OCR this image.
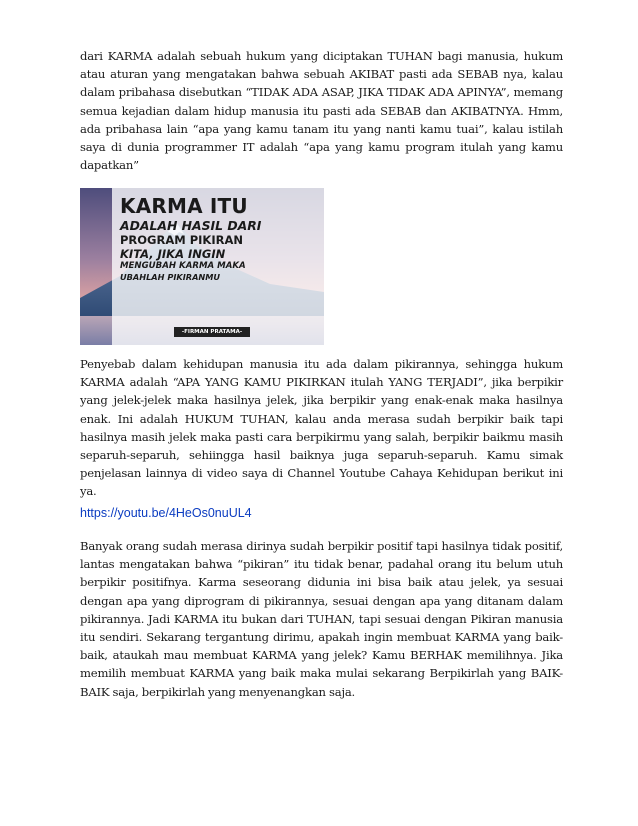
dari KARMA adalah sebuah hukum yang diciptakan TUHAN bagi manusia, hukum atau aturan yang mengatakan bahwa sebuah AKIBAT pasti ada SEBAB nya, kalau dalam pribahasa disebutkan “TIDAK ADA ASAP, JIKA TIDAK ADA APINYA”, memang semua kejadian dalam hidup manusia itu pasti ada SEBAB dan AKIBATNYA. Hmm, ada pribahasa lain “apa yang kamu tanam itu yang nanti kamu tuai”, kalau istilah saya di dunia programmer IT adalah “apa yang kamu program itulah yang kamu dapatkan”

KARMA ITU
ADALAH HASIL DARI
PROGRAM PIKIRAN
KITA, JIKA INGIN
MENGUBAH KARMA MAKA
UBAHLAH PIKIRANMU
-FIRMAN PRATAMA-

Penyebab dalam kehidupan manusia itu ada dalam pikirannya, sehingga hukum KARMA adalah “APA YANG KAMU PIKIRKAN itulah YANG TERJADI”, jika berpikir yang jelek-jelek maka hasilnya jelek, jika berpikir yang enak-enak maka hasilnya enak. Ini adalah HUKUM TUHAN, kalau anda merasa sudah berpikir baik tapi hasilnya masih jelek maka pasti cara berpikirmu yang salah, berpikir baikmu masih separuh-separuh, sehiingga hasil baiknya juga separuh-separuh. Kamu simak penjelasan lainnya di video saya di Channel Youtube Cahaya Kehidupan berikut ini ya.

https://youtu.be/4HeOs0nuUL4

Banyak orang sudah merasa dirinya sudah berpikir positif tapi hasilnya tidak positif, lantas mengatakan bahwa “pikiran” itu tidak benar, padahal orang itu belum utuh berpikir positifnya. Karma seseorang didunia ini bisa baik atau jelek, ya sesuai dengan apa yang diprogram di pikirannya, sesuai dengan apa yang ditanam dalam pikirannya. Jadi KARMA itu bukan dari TUHAN, tapi sesuai dengan Pikiran manusia itu sendiri. Sekarang tergantung dirimu, apakah ingin membuat KARMA yang baik-baik, ataukah mau membuat KARMA yang jelek? Kamu BERHAK memilihnya. Jika memilih membuat KARMA yang baik maka mulai sekarang Berpikirlah yang BAIK-BAIK saja, berpikirlah yang menyenangkan saja.
